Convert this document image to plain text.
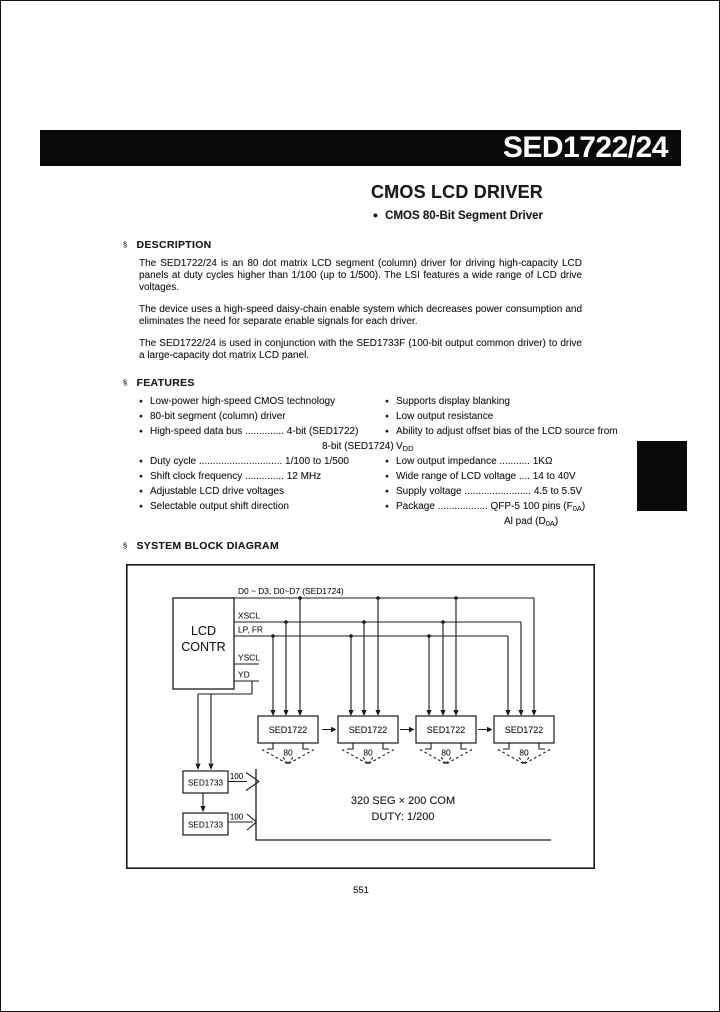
SED1722/24
CMOS LCD DRIVER
● CMOS 80-Bit Segment Driver
§ DESCRIPTION

The SED1722/24 is an 80 dot matrix LCD segment (column) driver for driving high-capacity LCD panels at duty cycles higher than 1/100 (up to 1/500). The LSI features a wide range of LCD drive voltages.

The device uses a high-speed daisy-chain enable system which decreases power consumption and eliminates the need for separate enable signals for each driver.

The SED1722/24 is used in conjunction with the SED1733F (100-bit output common driver) to drive a large-capacity dot matrix LCD panel.

§ FEATURES
● Low-power high-speed CMOS technology
● 80-bit segment (column) driver
● High-speed data bus .............. 4-bit (SED1722)
8-bit (SED1724)
● Duty cycle .............................. 1/100 to 1/500
● Shift clock frequency .............. 12 MHz
● Adjustable LCD drive voltages
● Selectable output shift direction
● Supports display blanking
● Low output resistance
● Ability to adjust offset bias of the LCD source from
$V_{DD}$
● Low output impedance ........... 1KΩ
● Wide range of LCD voltage .... 14 to 40V
● Supply voltage ........................ 4.5 to 5.5V
● Package .................. QFP-5 100 pins $(F_{0A})$
Al pad $(D_{0A})$
§ SYSTEM BLOCK DIAGRAM
D0 ~ D3, D0~D7 (SED1724)
XSCL
LP, FR
YSCL
YD
LCD
CONTR
SED1722	SED1722	SED1722	SED1722
80	80	80	80
SED1733
SED1733
100
100
320 SEG × 200 COM
DUTY: 1/200
551
